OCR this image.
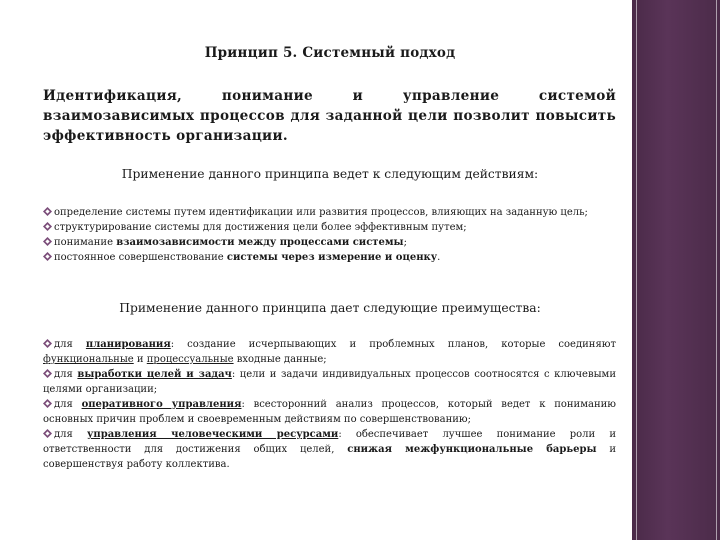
Принцип 5. Системный подход
Идентификация, понимание и управление системой взаимозависимых процессов для заданной цели позволит повысить эффективность организации.
Применение данного принципа ведет к следующим действиям:

определение системы путем идентификации или развития процессов, влияющих на заданную цель;

структурирование системы для достижения цели более эффективным путем;

понимание взаимозависимости между процессами системы;

постоянное совершенствование системы через измерение и оценку.

Применение данного принципа дает следующие преимущества:

для планирования: создание исчерпывающих и проблемных планов, которые соединяют функциональные и процессуальные входные данные;

для выработки целей и задач: цели и задачи индивидуальных процессов соотносятся с ключевыми целями организации;

для оперативного управления: всесторонний анализ процессов, который ведет к пониманию основных причин проблем и своевременным действиям по совершенствованию;

для управления человеческими ресурсами: обеспечивает лучшее понимание роли и ответственности для достижения общих целей, снижая межфункциональные барьеры и совершенствуя работу коллектива.
